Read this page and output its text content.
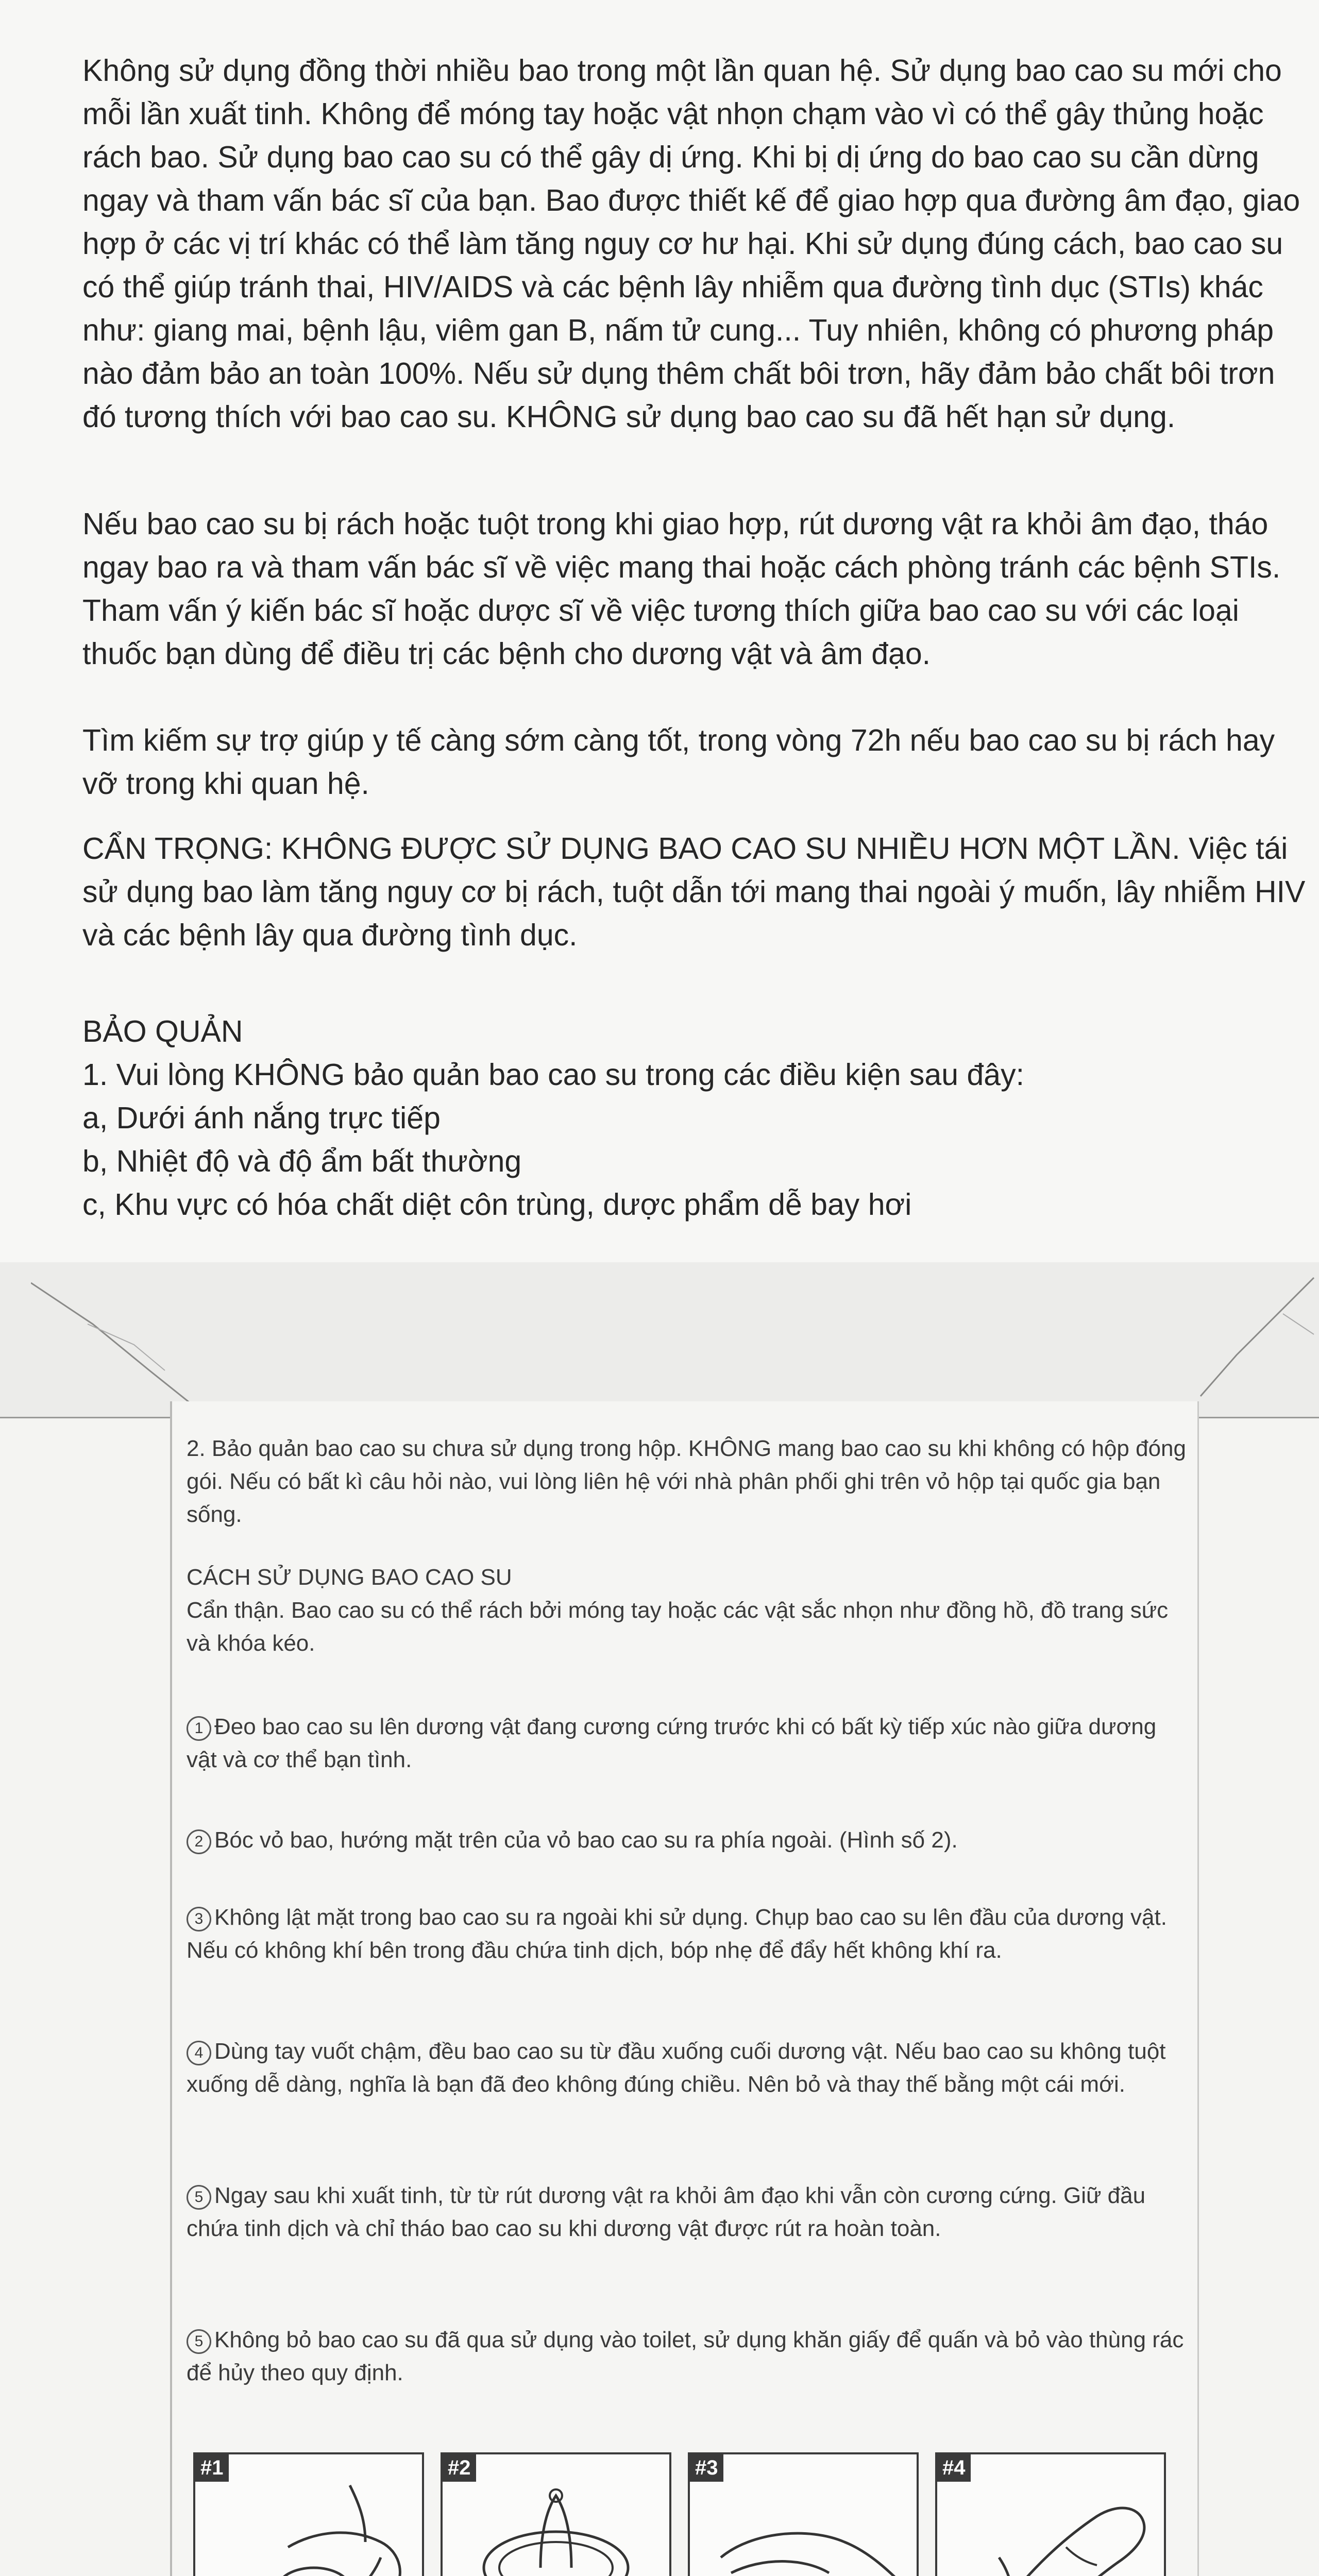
Không sử dụng đồng thời nhiều bao trong một lần quan hệ. Sử dụng bao cao su mới cho mỗi lần xuất tinh. Không để móng tay hoặc vật nhọn chạm vào vì có thể gây thủng hoặc rách bao. Sử dụng bao cao su có thể gây dị ứng. Khi bị dị ứng do bao cao su cần dừng ngay và tham vấn bác sĩ của bạn. Bao được thiết kế để giao hợp qua đường âm đạo, giao hợp ở các vị trí khác có thể làm tăng nguy cơ hư hại. Khi sử dụng đúng cách, bao cao su có thể giúp tránh thai, HIV/AIDS và các bệnh lây nhiễm qua đường tình dục (STIs) khác như: giang mai, bệnh lậu, viêm gan B, nấm tử cung... Tuy nhiên, không có phương pháp nào đảm bảo an toàn 100%. Nếu sử dụng thêm chất bôi trơn, hãy đảm bảo chất bôi trơn đó tương thích với bao cao su. KHÔNG sử dụng bao cao su đã hết hạn sử dụng.

Nếu bao cao su bị rách hoặc tuột trong khi giao hợp, rút dương vật ra khỏi âm đạo, tháo ngay bao ra và tham vấn bác sĩ về việc mang thai hoặc cách phòng tránh các bệnh STIs. Tham vấn ý kiến bác sĩ hoặc dược sĩ về việc tương thích giữa bao cao su với các loại thuốc bạn dùng để điều trị các bệnh cho dương vật và âm đạo.

Tìm kiếm sự trợ giúp y tế càng sớm càng tốt, trong vòng 72h nếu bao cao su bị rách hay vỡ trong khi quan hệ.

CẨN TRỌNG: KHÔNG ĐƯỢC SỬ DỤNG BAO CAO SU NHIỀU HƠN MỘT LẦN. Việc tái sử dụng bao làm tăng nguy cơ bị rách, tuột dẫn tới mang thai ngoài ý muốn, lây nhiễm HIV và các bệnh lây qua đường tình dục.

BẢO QUẢN

1. Vui lòng KHÔNG bảo quản bao cao su trong các điều kiện sau đây:

a, Dưới ánh nắng trực tiếp

b, Nhiệt độ và độ ẩm bất thường

c, Khu vực có hóa chất diệt côn trùng, dược phẩm dễ bay hơi

2. Bảo quản bao cao su chưa sử dụng trong hộp. KHÔNG mang bao cao su khi không có hộp đóng gói. Nếu có bất kì câu hỏi nào, vui lòng liên hệ với nhà phân phối ghi trên vỏ hộp tại quốc gia bạn sống.

CÁCH SỬ DỤNG BAO CAO SU

Cẩn thận. Bao cao su có thể rách bởi móng tay hoặc các vật sắc nhọn như đồng hồ, đồ trang sức và khóa kéo.

1 Đeo bao cao su lên dương vật đang cương cứng trước khi có bất kỳ tiếp xúc nào giữa dương vật và cơ thể bạn tình.

2 Bóc vỏ bao, hướng mặt trên của vỏ bao cao su ra phía ngoài. (Hình số 2).

3 Không lật mặt trong bao cao su ra ngoài khi sử dụng. Chụp bao cao su lên đầu của dương vật. Nếu có không khí bên trong đầu chứa tinh dịch, bóp nhẹ để đẩy hết không khí ra.

4 Dùng tay vuốt chậm, đều bao cao su từ đầu xuống cuối dương vật. Nếu bao cao su không tuột xuống dễ dàng, nghĩa là bạn đã đeo không đúng chiều. Nên bỏ và thay thế bằng một cái mới.

5 Ngay sau khi xuất tinh, từ từ rút dương vật ra khỏi âm đạo khi vẫn còn cương cứng. Giữ đầu chứa tinh dịch và chỉ tháo bao cao su khi dương vật được rút ra hoàn toàn.

5 Không bỏ bao cao su đã qua sử dụng vào toilet, sử dụng khăn giấy để quấn và bỏ vào thùng rác để hủy theo quy định.

#1	#2	#3	#4
